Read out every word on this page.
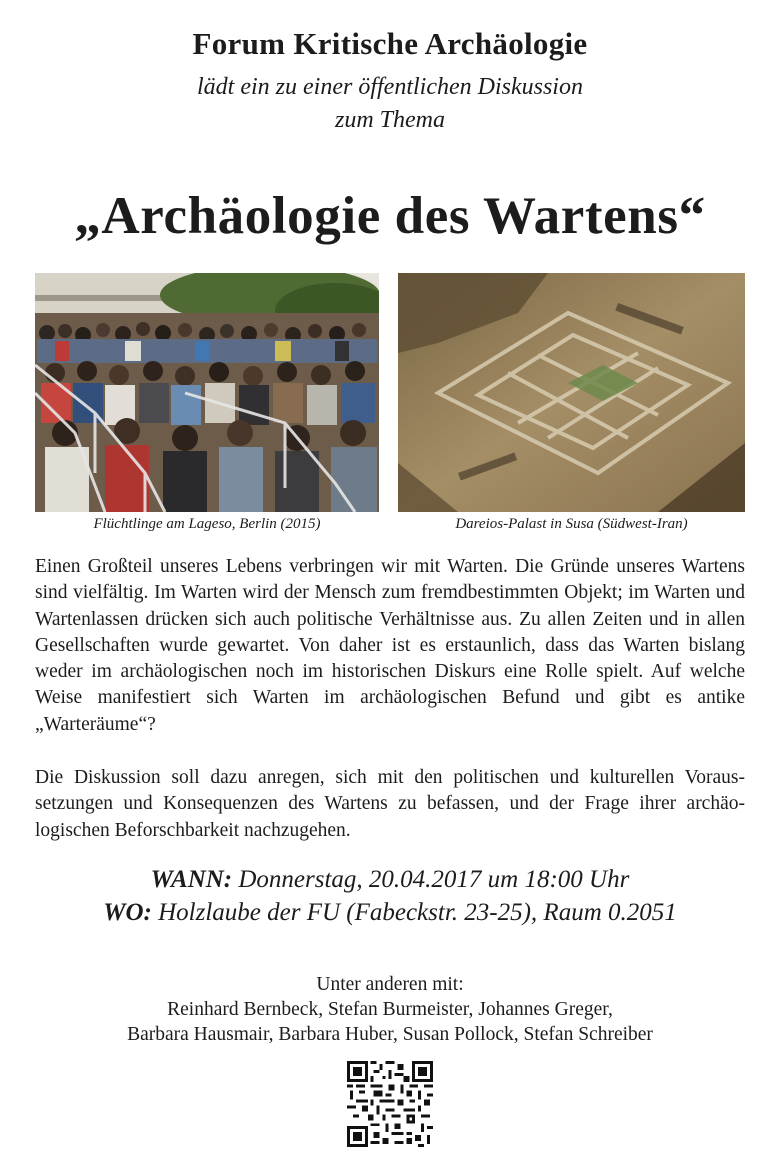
Forum Kritische Archäologie
lädt ein zu einer öffentlichen Diskussion
zum Thema
„Archäologie des Wartens“
Flüchtlinge am Lageso, Berlin (2015)	Dareios-Palast in Susa (Südwest-Iran)

Einen Großteil unseres Lebens verbringen wir mit Warten. Die Gründe unseres Wartens sind vielfältig. Im Warten wird der Mensch zum fremdbestimmten Objekt; im Warten und Wartenlassen drücken sich auch politische Verhältnisse aus. Zu allen Zeiten und in allen Gesellschaften wurde gewartet. Von daher ist es erstaunlich, dass das Warten bislang weder im archäologischen noch im historischen Diskurs eine Rolle spielt. Auf welche Weise manifestiert sich Warten im archäologischen Befund und gibt es antike „Warteräume“?

Die Diskussion soll dazu anregen, sich mit den politischen und kulturellen Voraussetzungen und Konsequenzen des Wartens zu befassen, und der Frage ihrer archäologischen Beforschbarkeit nachzugehen.

WANN: Donnerstag, 20.04.2017 um 18:00 Uhr
WO: Holzlaube der FU (Fabeckstr. 23-25), Raum 0.2051
Unter anderen mit:
Reinhard Bernbeck, Stefan Burmeister, Johannes Greger,
Barbara Hausmair, Barbara Huber, Susan Pollock, Stefan Schreiber
